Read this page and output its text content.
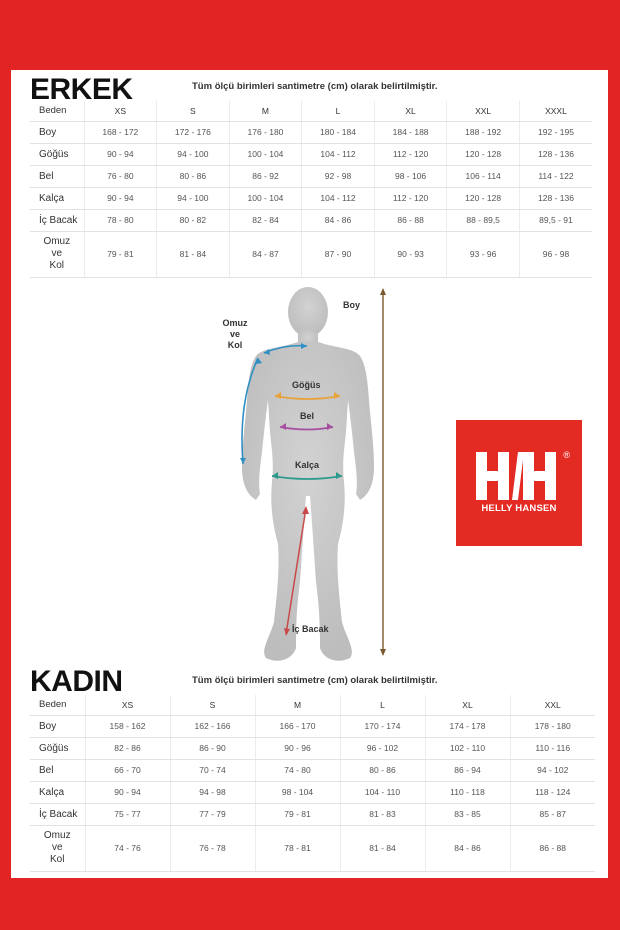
ERKEK	Tüm ölçü birimleri santimetre (cm) olarak belirtilmiştir.
Beden	XS	S	M	L	XL	XXL	XXXL
Boy	168 - 172	172 - 176	176 - 180	180 - 184	184 - 188	188 - 192	192 - 195
Göğüs	90 - 94	94 - 100	100 - 104	104 - 112	112 - 120	120 - 128	128 - 136
Bel	76 - 80	80 - 86	86 - 92	92 - 98	98 - 106	106 - 114	114 - 122
Kalça	90 - 94	94 - 100	100 - 104	104 - 112	112 - 120	120 - 128	128 - 136
İç Bacak	78 - 80	80 - 82	82 - 84	84 - 86	86 - 88	88 - 89,5	89,5 - 91

Omuz
ve
Kol	79 - 81	81 - 84	84 - 87	87 - 90	90 - 93	93 - 96	96 - 98
Boy
Omuz
ve
Kol
Göğüs
Bel
Kalça
İç Bacak
®
HELLY HANSEN
KADIN	Tüm ölçü birimleri santimetre (cm) olarak belirtilmiştir.
Beden	XS	S	M	L	XL	XXL
Boy	158 - 162	162 - 166	166 - 170	170 - 174	174 - 178	178 - 180
Göğüs	82 - 86	86 - 90	90 - 96	96 - 102	102 - 110	110 - 116
Bel	66 - 70	70 - 74	74 - 80	80 - 86	86 - 94	94 - 102
Kalça	90 - 94	94 - 98	98 - 104	104 - 110	110 - 118	118 - 124
İç Bacak	75 - 77	77 - 79	79 - 81	81 - 83	83 - 85	85 - 87

Omuz
ve
Kol	74 - 76	76 - 78	78 - 81	81 - 84	84 - 86	86 - 88
